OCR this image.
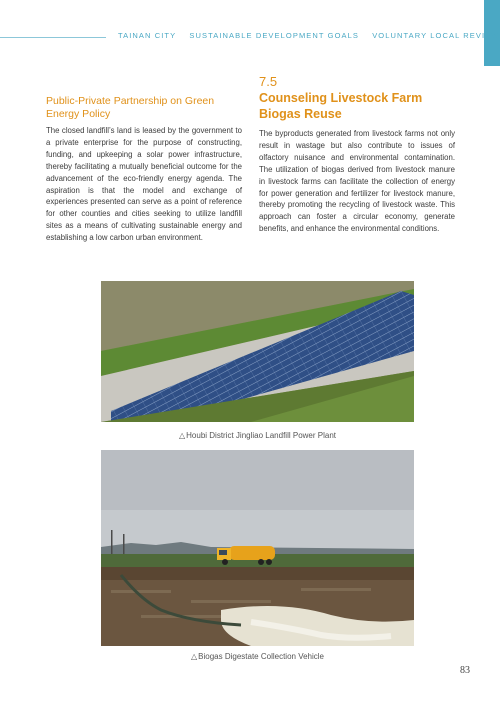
TAINAN CITY SUSTAINABLE DEVELOPMENT GOALS VOLUNTARY LOCAL REVIEW
Public-Private Partnership on Green Energy Policy

The closed landfill’s land is leased by the government to a private enterprise for the purpose of constructing, funding, and upkeeping a solar power infrastructure, thereby facilitating a mutually beneficial outcome for the advancement of the eco-friendly energy agenda. The aspiration is that the model and exchange of experiences presented can serve as a point of reference for other counties and cities seeking to utilize landfill sites as a means of cultivating sustainable energy and establishing a low carbon urban environment.

7.5
Counseling Livestock Farm Biogas Reuse

The byproducts generated from livestock farms not only result in wastage but also contribute to issues of olfactory nuisance and environmental contamination. The utilization of biogas derived from livestock manure in livestock farms can facilitate the collection of energy for power generation and fertilizer for livestock manure, thereby promoting the recycling of livestock waste. This approach can foster a circular economy, generate benefits, and enhance the environmental conditions.

△Houbi District Jingliao Landfill Power Plant
△Biogas Digestate Collection Vehicle
83
